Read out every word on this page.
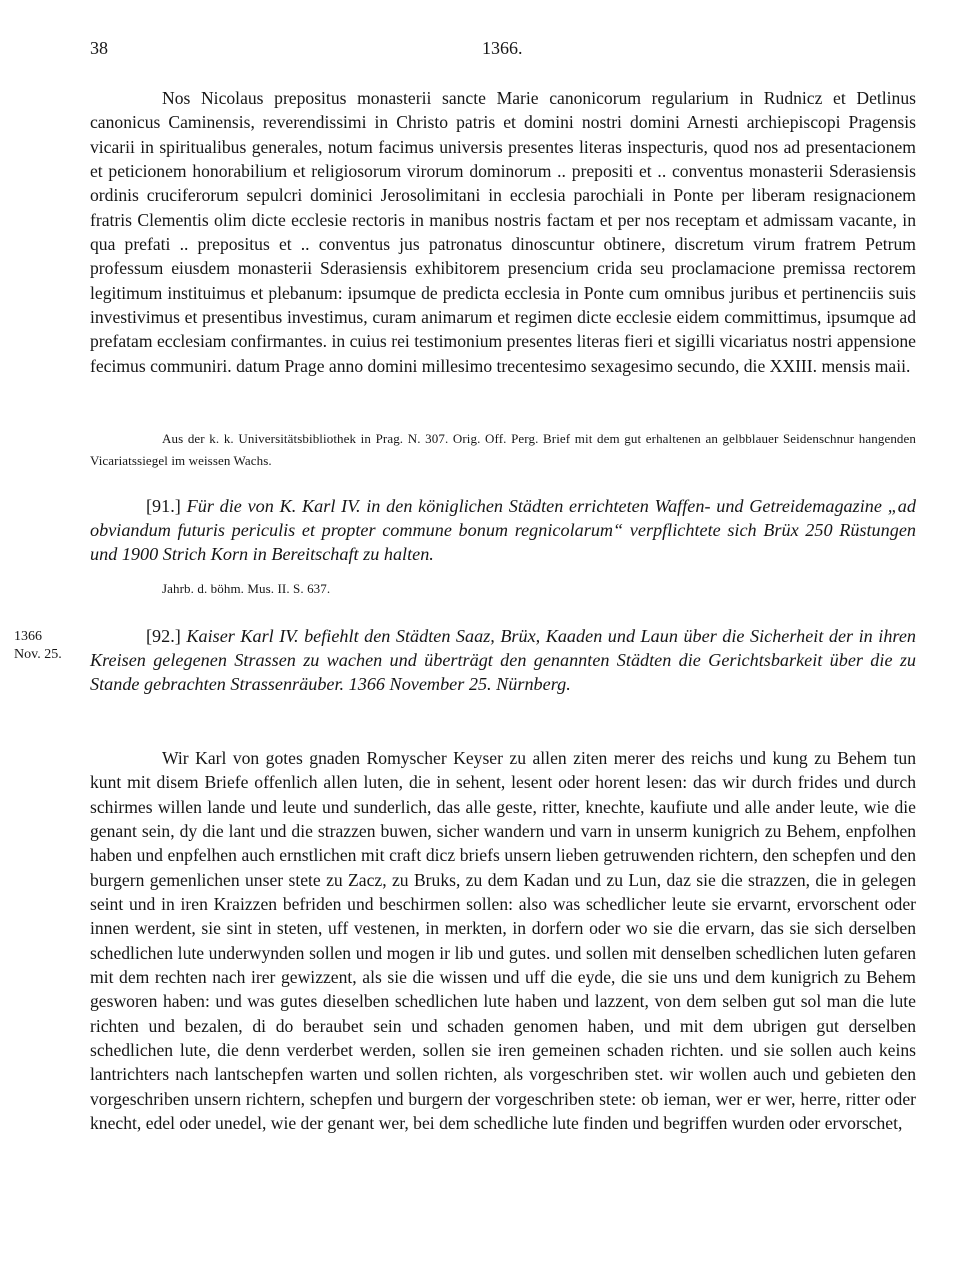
38	1366.
Nos Nicolaus prepositus monasterii sancte Marie canonicorum regularium in Rudnicz et Detlinus canonicus Caminensis, reverendissimi in Christo patris et domini nostri domini Arnesti archiepiscopi Pragensis vicarii in spiritualibus generales, notum facimus universis presentes literas inspecturis, quod nos ad presentacionem et peticionem honorabilium et religiosorum virorum dominorum .. prepositi et .. conventus monasterii Sderasiensis ordinis cruciferorum sepulcri dominici Jerosolimitani in ecclesia parochiali in Ponte per liberam resignacionem fratris Clementis olim dicte ecclesie rectoris in manibus nostris factam et per nos receptam et admissam vacante, in qua prefati .. prepositus et .. conventus jus patronatus dinoscuntur obtinere, discretum virum fratrem Petrum professum eiusdem monasterii Sderasiensis exhibitorem presencium crida seu proclamacione premissa rectorem legitimum instituimus et plebanum: ipsumque de predicta ecclesia in Ponte cum omnibus juribus et pertinenciis suis investivimus et presentibus investimus, curam animarum et regimen dicte ecclesie eidem committimus, ipsumque ad prefatam ecclesiam confirmantes. in cuius rei testimonium presentes literas fieri et sigilli vicariatus nostri appensione fecimus communiri. datum Prage anno domini millesimo trecentesimo sexagesimo secundo, die XXIII. mensis maii.
Aus der k. k. Universitätsbibliothek in Prag. N. 307. Orig. Off. Perg. Brief mit dem gut erhaltenen an gelbblauer Seidenschnur hangenden Vicariatssiegel im weissen Wachs.
[91.] Für die von K. Karl IV. in den königlichen Städten errichteten Waffen- und Getreidemagazine „ad obviandum futuris periculis et propter commune bonum regnicolarum“ verpflichtete sich Brüx 250 Rüstungen und 1900 Strich Korn in Bereitschaft zu halten.
Jahrb. d. böhm. Mus. II. S. 637.
1366
Nov. 25.
[92.] Kaiser Karl IV. befiehlt den Städten Saaz, Brüx, Kaaden und Laun über die Sicherheit der in ihren Kreisen gelegenen Strassen zu wachen und überträgt den genannten Städten die Gerichtsbarkeit über die zu Stande gebrachten Strassenräuber. 1366 November 25. Nürnberg.
Wir Karl von gotes gnaden Romyscher Keyser zu allen ziten merer des reichs und kung zu Behem tun kunt mit disem Briefe offenlich allen luten, die in sehent, lesent oder horent lesen: das wir durch frides und durch schirmes willen lande und leute und sunderlich, das alle geste, ritter, knechte, kaufiute und alle ander leute, wie die genant sein, dy die lant und die strazzen buwen, sicher wandern und varn in unserm kunigrich zu Behem, enpfolhen haben und enpfelhen auch ernstlichen mit craft dicz briefs unsern lieben getruwenden richtern, den schepfen und den burgern gemenlichen unser stete zu Zacz, zu Bruks, zu dem Kadan und zu Lun, daz sie die strazzen, die in gelegen seint und in iren Kraizzen befriden und beschirmen sollen: also was schedlicher leute sie ervarnt, ervorschent oder innen werdent, sie sint in steten, uff vestenen, in merkten, in dorfern oder wo sie die ervarn, das sie sich derselben schedlichen lute underwynden sollen und mogen ir lib und gutes. und sollen mit denselben schedlichen luten gefaren mit dem rechten nach irer gewizzent, als sie die wissen und uff die eyde, die sie uns und dem kunigrich zu Behem gesworen haben: und was gutes dieselben schedlichen lute haben und lazzent, von dem selben gut sol man die lute richten und bezalen, di do beraubet sein und schaden genomen haben, und mit dem ubrigen gut derselben schedlichen lute, die denn verderbet werden, sollen sie iren gemeinen schaden richten. und sie sollen auch keins lantrichters nach lantschepfen warten und sollen richten, als vorgeschriben stet. wir wollen auch und gebieten den vorgeschriben unsern richtern, schepfen und burgern der vorgeschriben stete: ob ieman, wer er wer, herre, ritter oder knecht, edel oder unedel, wie der genant wer, bei dem schedliche lute finden und begriffen wurden oder ervorschet,
